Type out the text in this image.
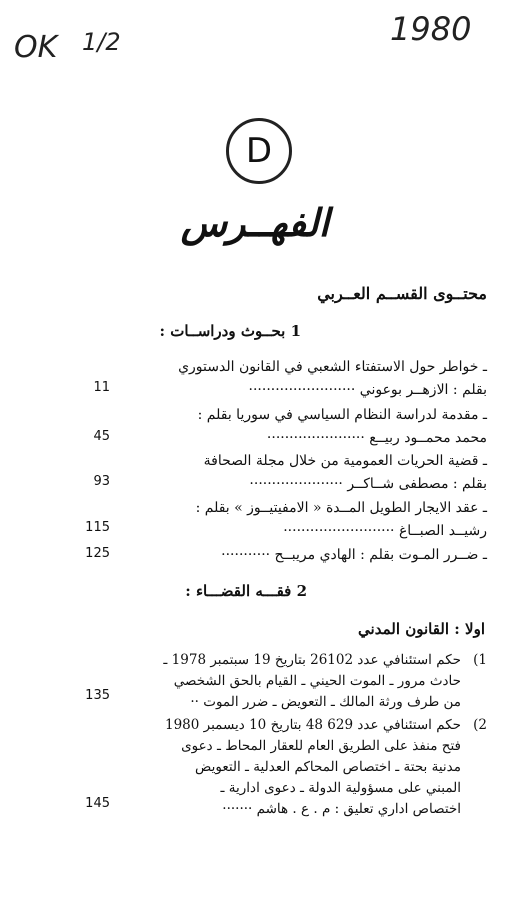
OK 1/2	1980
D
الفهــرس
محتــوى القســم العــربي
1 بحــوث ودراســات :
ـ خواطر حول الاستفتاء الشعبي في القانون الدستوري
بقلم : الازهــر بوعوني ························
11
ـ مقدمة لدراسة النظام السياسي في سوريا بقلم :
محمد محمــود ربيــع ······················
45
ـ قضية الحريات العمومية من خلال مجلة الصحافة
بقلم : مصطفى شــاكــر ·····················
93
ـ عقد الايجار الطويل المــدة « الامفيتيــوز » بقلم :
رشيــد الصبــاغ ·························
115
ـ ضــرر المـوت بقلم : الهادي مريبــح ···········
125
2 فقـــه القضـــاء :
اولا : القانون المدني
1)
حكم استئنافي عدد 26102 بتاريخ 19 سبتمبر 1978 ـ
حادث مرور ـ الموت الحيني ـ القيام بالحق الشخصي
من طرف ورثة المالك ـ التعويض ـ ضرر الموت ··
135
2)
حكم استئنافي عدد 629 48 بتاريخ 10 ديسمبر 1980
فتح منفذ على الطريق العام للعقار المحاط ـ دعوى
مدنية بحتة ـ اختصاص المحاكم العدلية ـ التعويض
المبني على مسؤولية الدولة ـ دعوى ادارية ـ
اختصاص اداري تعليق : م . ع . هاشم ·······
145
